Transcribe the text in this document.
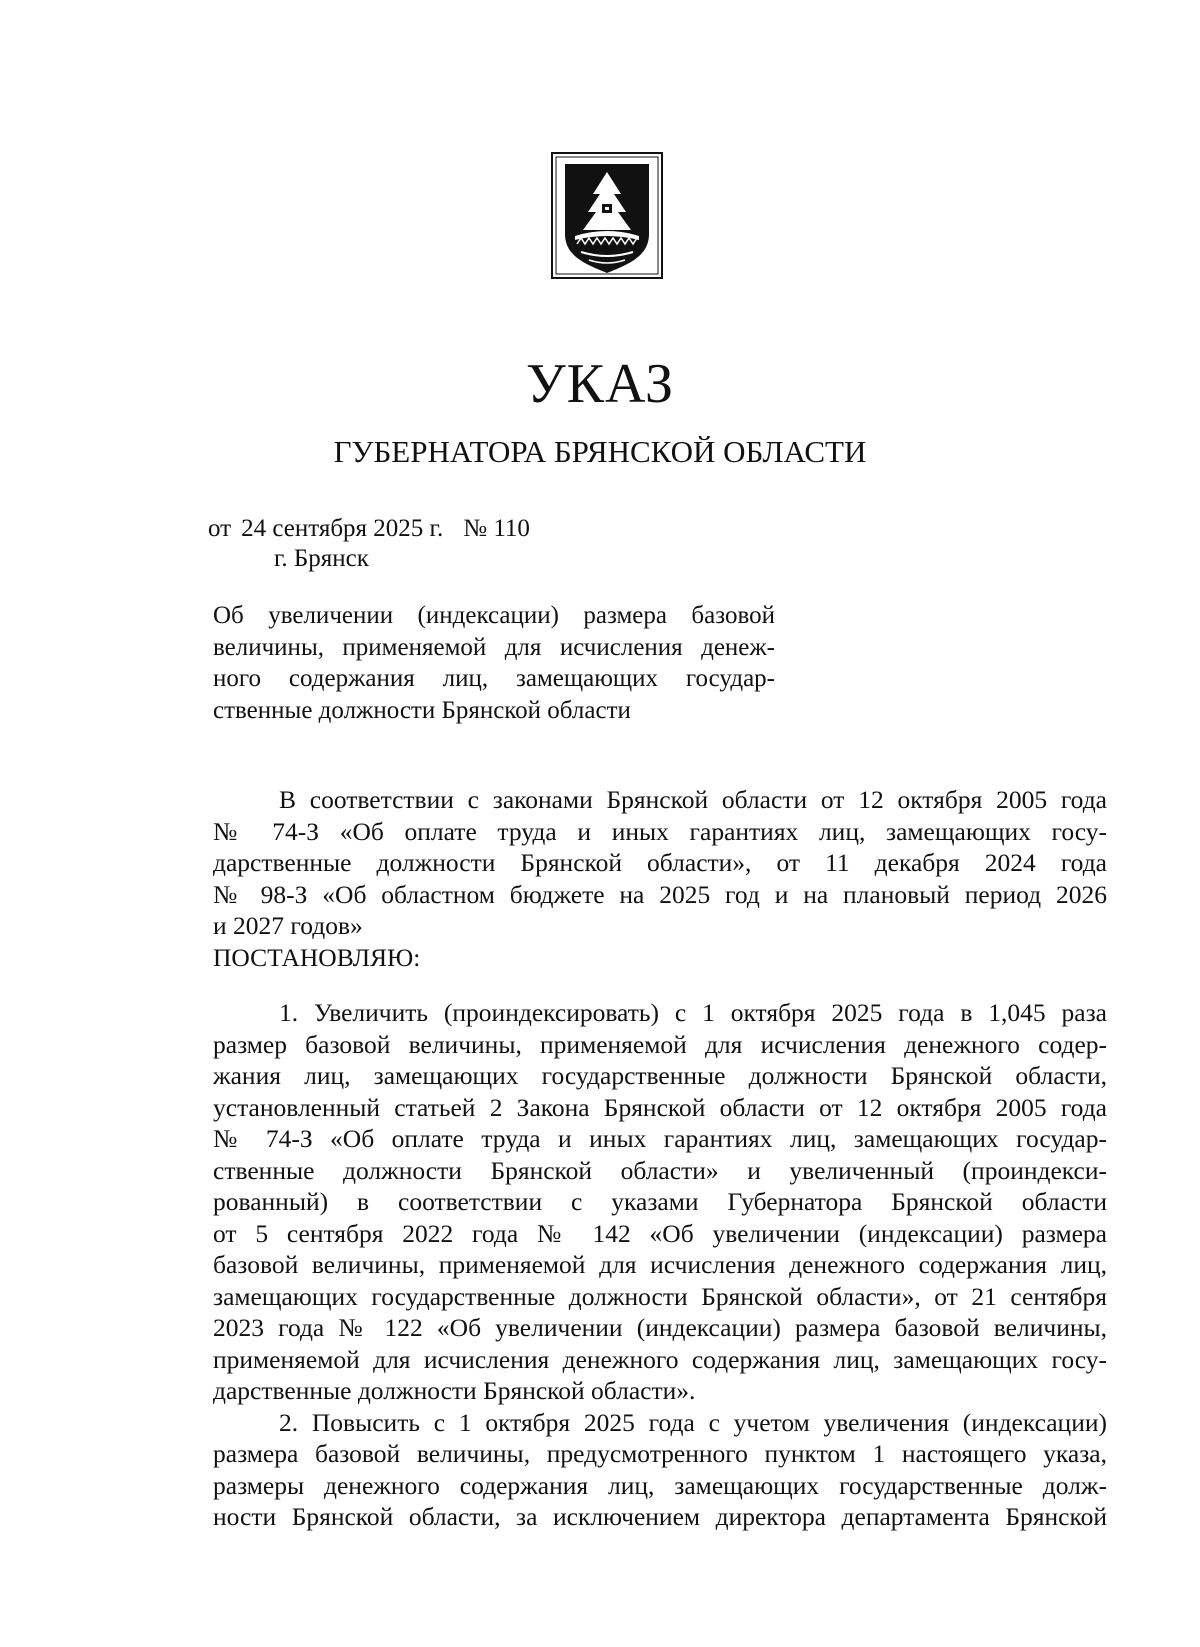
УКАЗ
ГУБЕРНАТОРА БРЯНСКОЙ ОБЛАСТИ
от 24 сентября 2025 г. № 110
г. Брянск
Об увеличении (индексации) размера базовой
величины, применяемой для исчисления денеж-
ного содержания лиц, замещающих государ-
ственные должности Брянской области
В соответствии с законами Брянской области от 12 октября 2005 года
№ 74-З «Об оплате труда и иных гарантиях лиц, замещающих госу-
дарственные должности Брянской области», от 11 декабря 2024 года
№ 98-З «Об областном бюджете на 2025 год и на плановый период 2026
и 2027 годов»
ПОСТАНОВЛЯЮ:
1. Увеличить (проиндексировать) с 1 октября 2025 года в 1,045 раза
размер базовой величины, применяемой для исчисления денежного содер-
жания лиц, замещающих государственные должности Брянской области,
установленный статьей 2 Закона Брянской области от 12 октября 2005 года
№ 74-З «Об оплате труда и иных гарантиях лиц, замещающих государ-
ственные должности Брянской области» и увеличенный (проиндекси-
рованный) в соответствии с указами Губернатора Брянской области
от 5 сентября 2022 года № 142 «Об увеличении (индексации) размера
базовой величины, применяемой для исчисления денежного содержания лиц,
замещающих государственные должности Брянской области», от 21 сентября
2023 года № 122 «Об увеличении (индексации) размера базовой величины,
применяемой для исчисления денежного содержания лиц, замещающих госу-
дарственные должности Брянской области».
2. Повысить с 1 октября 2025 года с учетом увеличения (индексации)
размера базовой величины, предусмотренного пунктом 1 настоящего указа,
размеры денежного содержания лиц, замещающих государственные долж-
ности Брянской области, за исключением директора департамента Брянской
